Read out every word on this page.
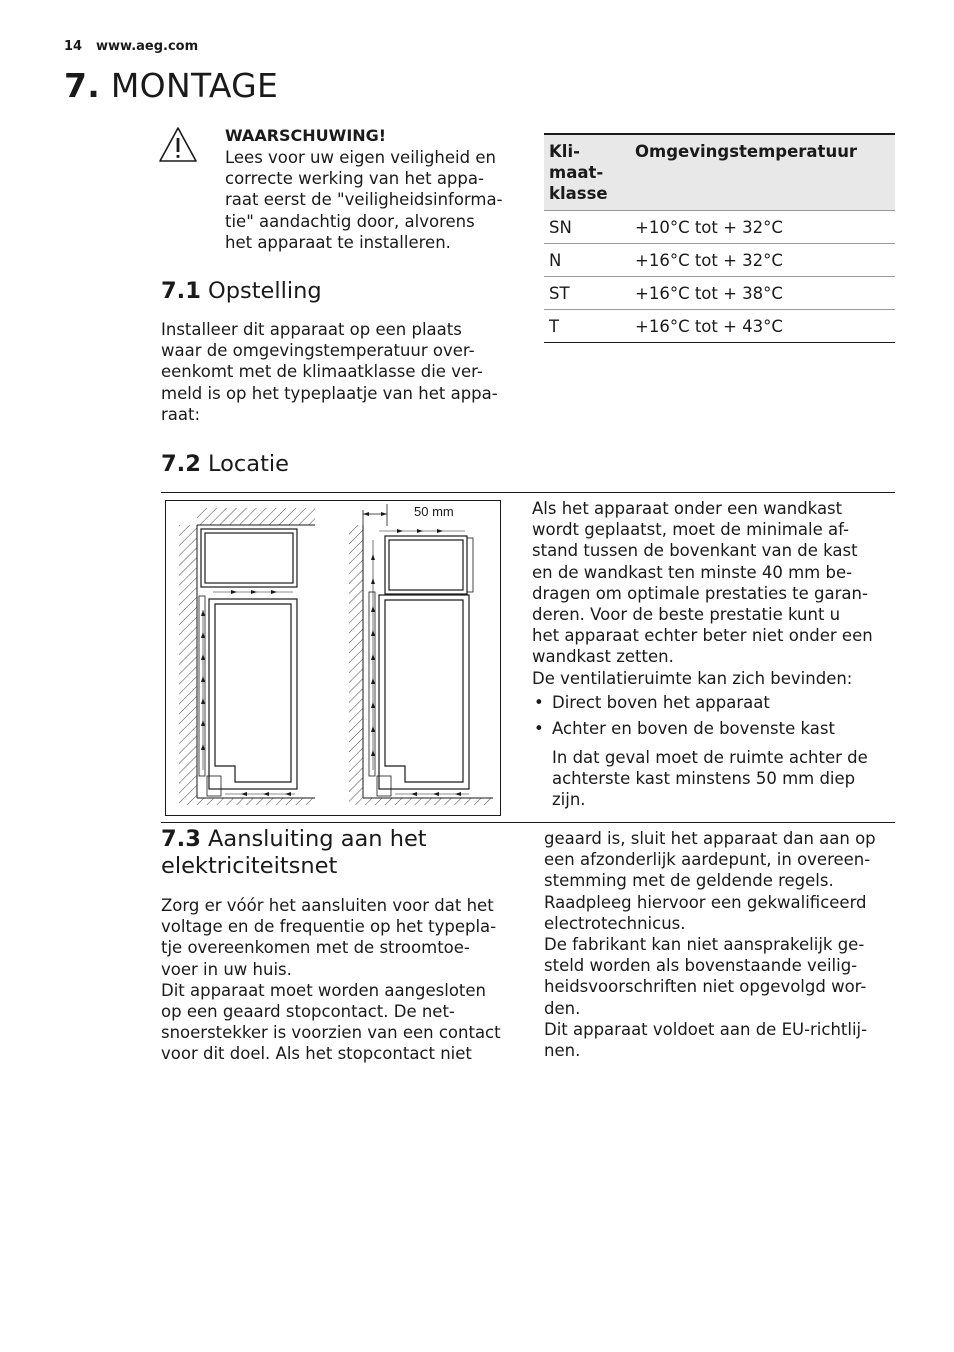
14 www.aeg.com
7. MONTAGE
WAARSCHUWING!
Lees voor uw eigen veiligheid en
correcte werking van het appa-
raat eerst de "veiligheidsinforma-
tie" aandachtig door, alvorens
het apparaat te installeren.
7.1 Opstelling
Installeer dit apparaat op een plaats
waar de omgevingstemperatuur over-
eenkomt met de klimaatklasse die ver-
meld is op het typeplaatje van het appa-
raat:
Kli-
maat-
klasse	Omgevingstemperatuur
SN	+10°C tot + 32°C
N	+16°C tot + 32°C
ST	+16°C tot + 38°C
T	+16°C tot + 43°C
7.2 Locatie
50 mm	Als het apparaat onder een wandkast
wordt geplaatst, moet de minimale af-
stand tussen de bovenkant van de kast
en de wandkast ten minste 40 mm be-
dragen om optimale prestaties te garan-
deren. Voor de beste prestatie kunt u
het apparaat echter beter niet onder een
wandkast zetten.
De ventilatieruimte kan zich bevinden:
• Direct boven het apparaat
• Achter en boven de bovenste kast
In dat geval moet de ruimte achter de
achterste kast minstens 50 mm diep
zijn.
7.3 Aansluiting aan het
elektriciteitsnet
Zorg er vóór het aansluiten voor dat het
voltage en de frequentie op het typepla-
tje overeenkomen met de stroomtoe-
voer in uw huis.
Dit apparaat moet worden aangesloten
op een geaard stopcontact. De net-
snoerstekker is voorzien van een contact
voor dit doel. Als het stopcontact niet
geaard is, sluit het apparaat dan aan op
een afzonderlijk aardepunt, in overeen-
stemming met de geldende regels.
Raadpleeg hiervoor een gekwalificeerd
electrotechnicus.
De fabrikant kan niet aansprakelijk ge-
steld worden als bovenstaande veilig-
heidsvoorschriften niet opgevolgd wor-
den.
Dit apparaat voldoet aan de EU-richtlij-
nen.
